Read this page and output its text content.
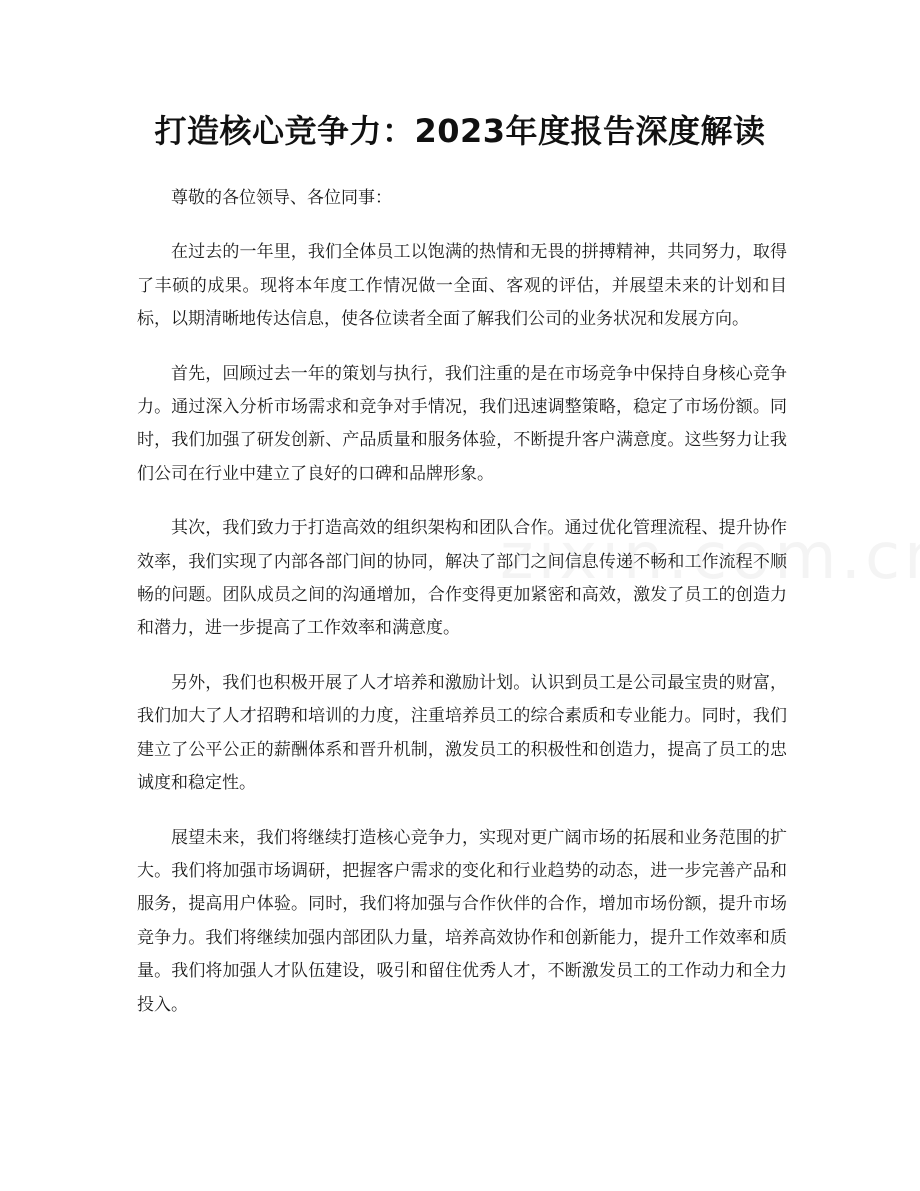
打造核心竞争力：2023年度报告深度解读

尊敬的各位领导、各位同事：

在过去的一年里，我们全体员工以饱满的热情和无畏的拼搏精神，共同努力，取得了丰硕的成果。现将本年度工作情况做一全面、客观的评估，并展望未来的计划和目标，以期清晰地传达信息，使各位读者全面了解我们公司的业务状况和发展方向。

首先，回顾过去一年的策划与执行，我们注重的是在市场竞争中保持自身核心竞争力。通过深入分析市场需求和竞争对手情况，我们迅速调整策略，稳定了市场份额。同时，我们加强了研发创新、产品质量和服务体验，不断提升客户满意度。这些努力让我们公司在行业中建立了良好的口碑和品牌形象。

其次，我们致力于打造高效的组织架构和团队合作。通过优化管理流程、提升协作效率，我们实现了内部各部门间的协同，解决了部门之间信息传递不畅和工作流程不顺畅的问题。团队成员之间的沟通增加，合作变得更加紧密和高效，激发了员工的创造力和潜力，进一步提高了工作效率和满意度。

另外，我们也积极开展了人才培养和激励计划。认识到员工是公司最宝贵的财富，我们加大了人才招聘和培训的力度，注重培养员工的综合素质和专业能力。同时，我们建立了公平公正的薪酬体系和晋升机制，激发员工的积极性和创造力，提高了员工的忠诚度和稳定性。

展望未来，我们将继续打造核心竞争力，实现对更广阔市场的拓展和业务范围的扩大。我们将加强市场调研，把握客户需求的变化和行业趋势的动态，进一步完善产品和服务，提高用户体验。同时，我们将加强与合作伙伴的合作，增加市场份额，提升市场竞争力。我们将继续加强内部团队力量，培养高效协作和创新能力，提升工作效率和质量。我们将加强人才队伍建设，吸引和留住优秀人才，不断激发员工的工作动力和全力投入。
